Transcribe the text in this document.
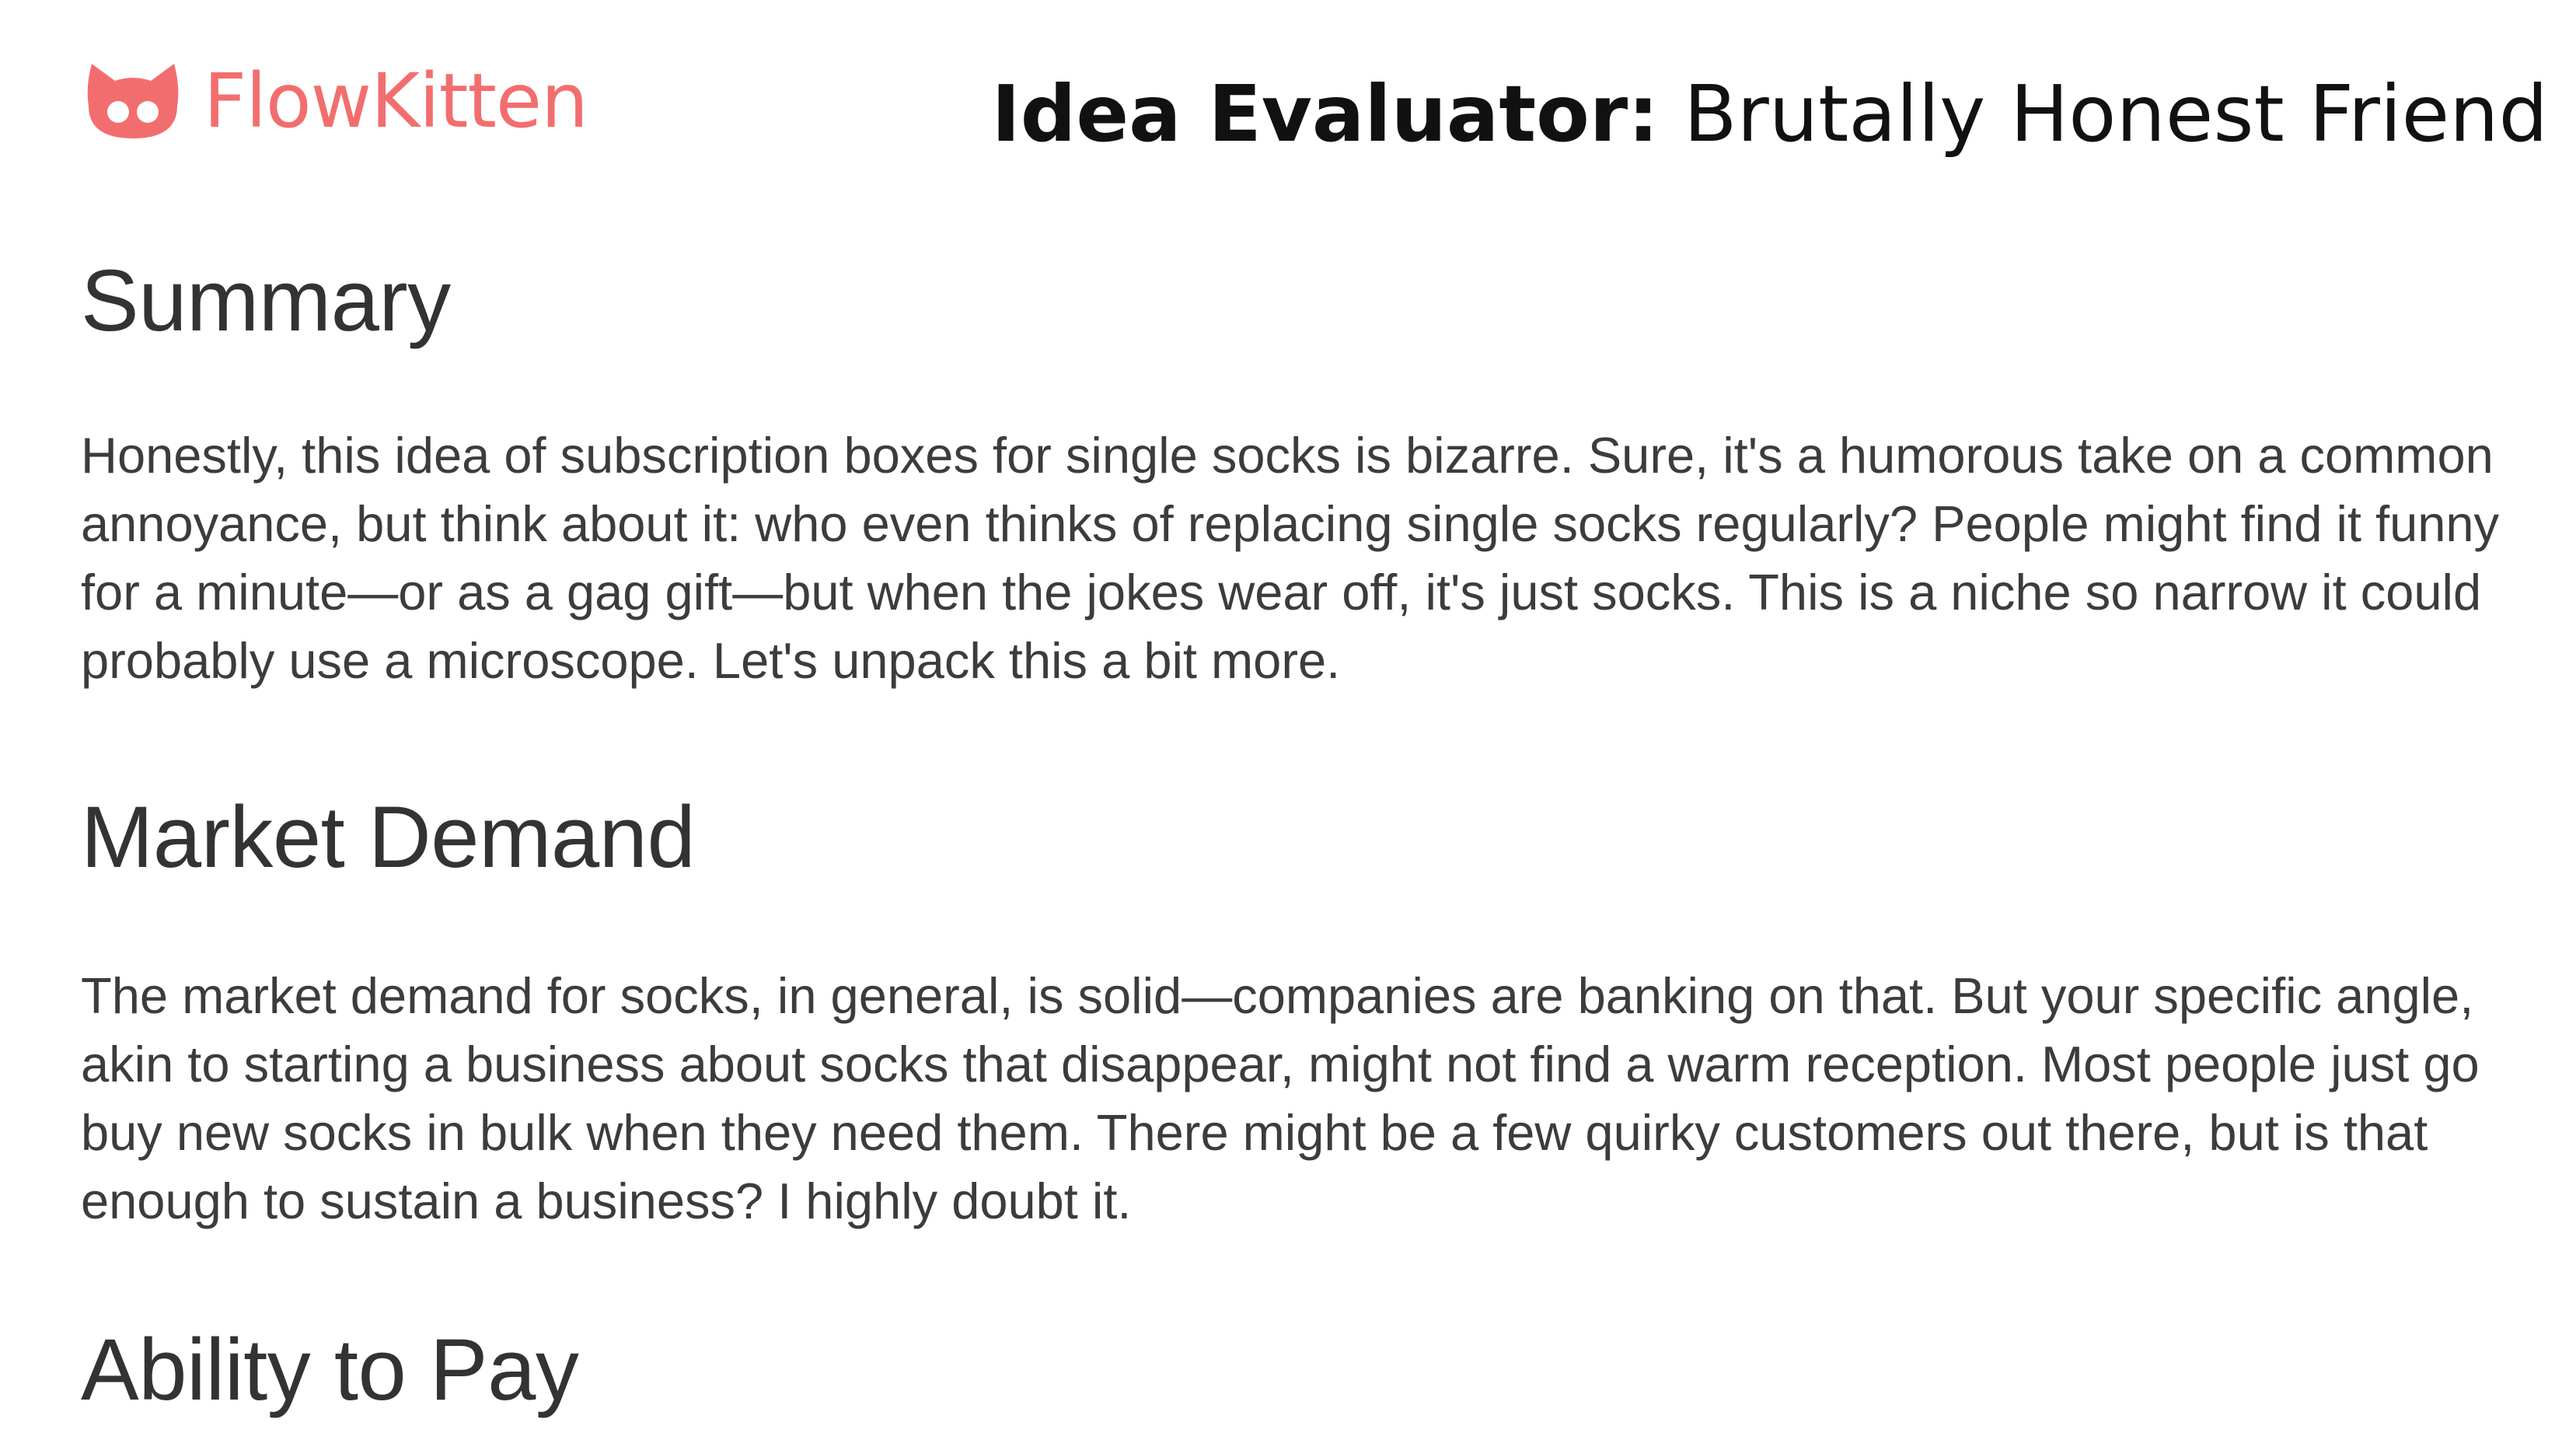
FlowKitten	Idea Evaluator: Brutally Honest Friend
Summary

Honestly, this idea of subscription boxes for single socks is bizarre. Sure, it's a humorous take on a common annoyance, but think about it: who even thinks of replacing single socks regularly? People might find it funny for a minute—or as a gag gift—but when the jokes wear off, it's just socks. This is a niche so narrow it could probably use a microscope. Let's unpack this a bit more.

Market Demand

The market demand for socks, in general, is solid—companies are banking on that. But your specific angle, akin to starting a business about socks that disappear, might not find a warm reception. Most people just go buy new socks in bulk when they need them. There might be a few quirky customers out there, but is that enough to sustain a business? I highly doubt it.

Ability to Pay
